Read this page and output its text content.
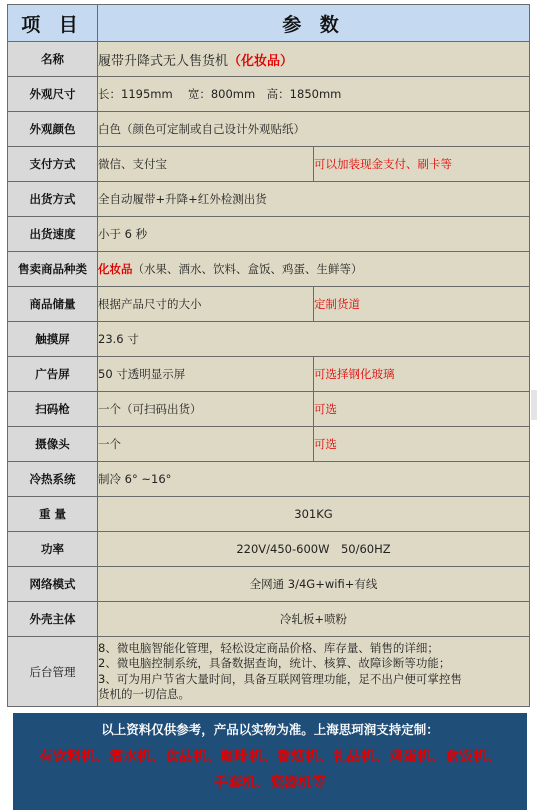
项 目	参 数	
名称	履带升降式无人售货机（化妆品）	
外观尺寸	长：1195mm　 宽：800mm　高：1850mm	
外观颜色	白色（颜色可定制或自己设计外观贴纸）	
支付方式	微信、支付宝	可以加装现金支付、刷卡等
出货方式	全自动履带+升降+红外检测出货	
出货速度	小于 6 秒	
售卖商品种类	化妆品（水果、酒水、饮料、盒饭、鸡蛋、生鲜等）	
商品储量	根据产品尺寸的大小	定制货道
触摸屏	23.6 寸	
广告屏	50 寸透明显示屏	可选择钢化玻璃
扫码枪	一个（可扫码出货）	可选
摄像头	一个	可选
冷热系统	制冷 6° ~16°	
重 量	301KG	
功率	220V/450-600W　50/60HZ	
网络模式	全网通 3/4G+wifi+有线	
外壳主体	冷轧板+喷粉	
后台管理	8、微电脑智能化管理，轻松设定商品价格、库存量、销售的详细；
2、微电脑控制系统，具备数据查询，统计、核算、故障诊断等功能；
3、可为用户节省大量时间，具备互联网管理功能，足不出户便可掌控售
货机的一切信息。	
以上资料仅供参考，产品以实物为准。上海思珂润支持定制：
有饮料机、酒水机、食品机、咖啡机、香烟机、礼品机、鸡蛋机、盒饭机、
手套机、瓷器机等
